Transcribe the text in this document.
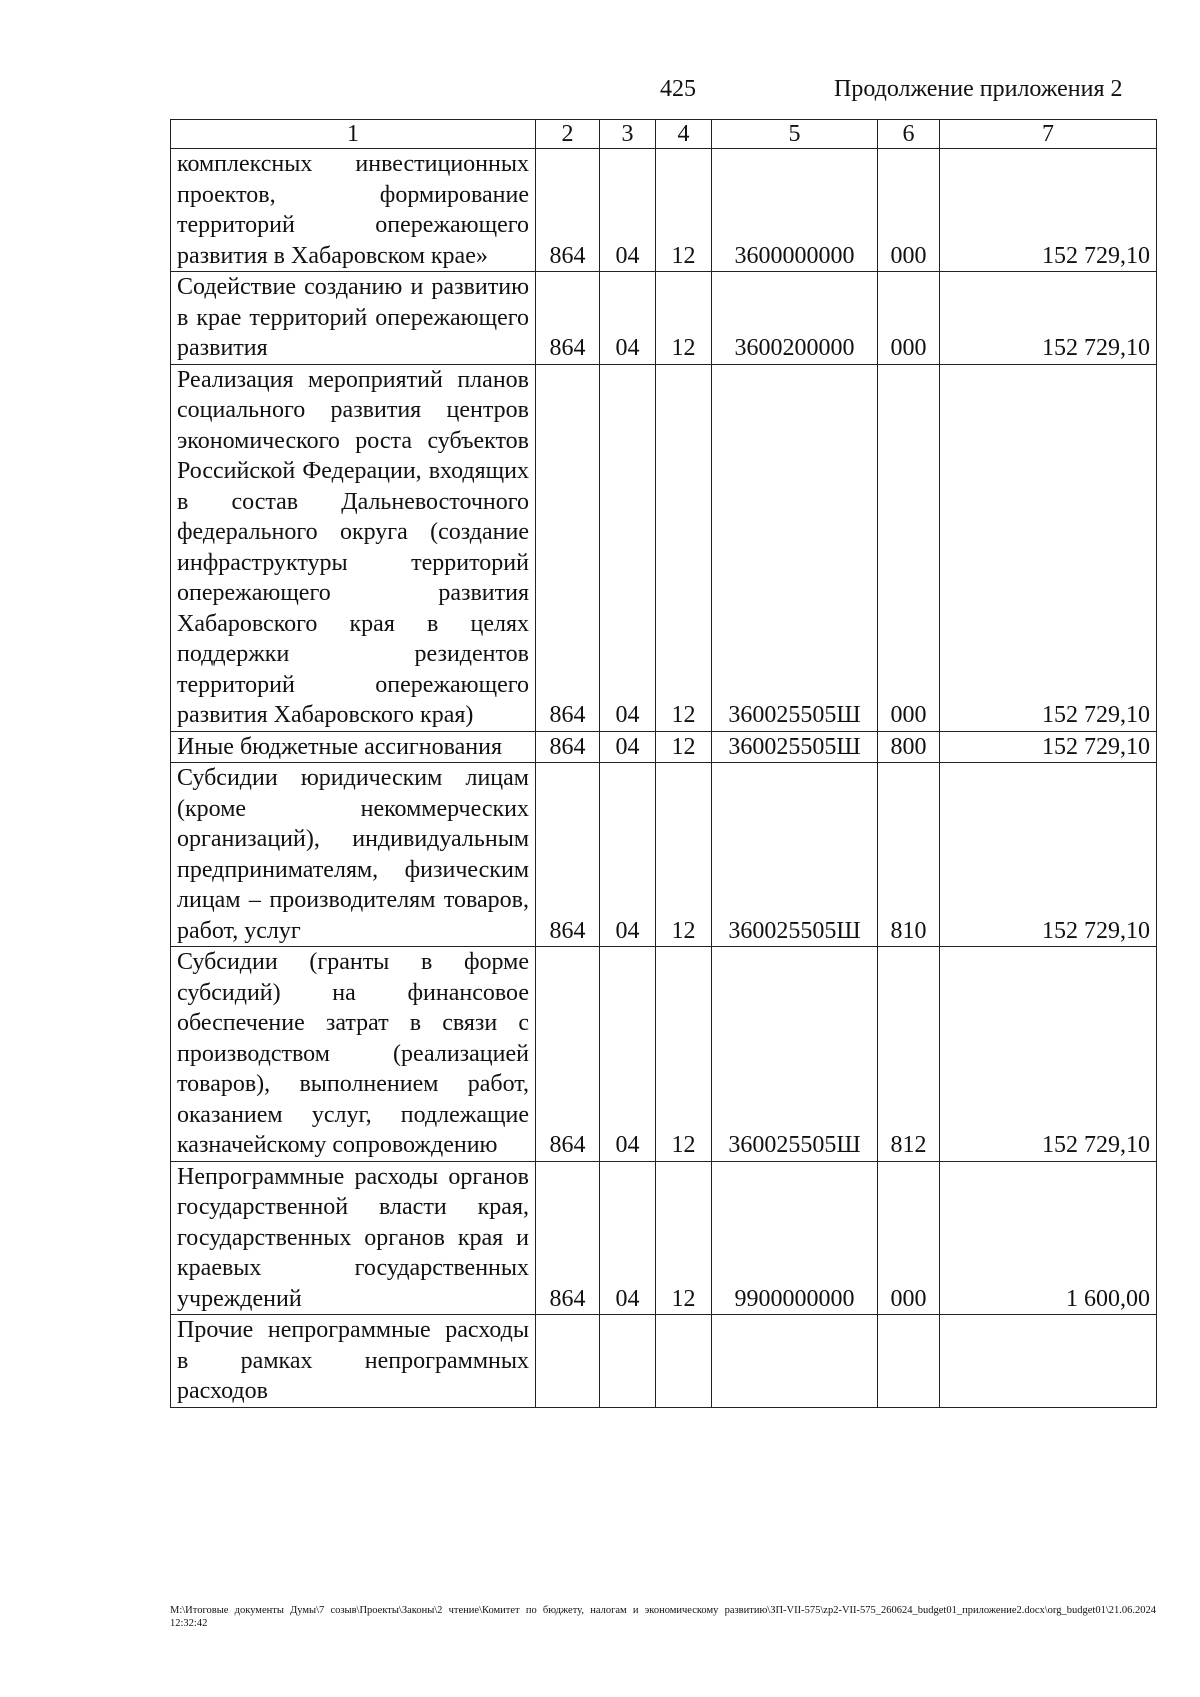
425	Продолжение приложения 2
1	2	3	4	5	6	7
комплексных инвестиционных проектов, формирование территорий опережающего развития в Хабаровском крае»	864	04	12	3600000000	000	152 729,10
Содействие созданию и развитию в крае территорий опережающего развития	864	04	12	3600200000	000	152 729,10
Реализация мероприятий планов социального развития центров экономического роста субъектов Российской Федерации, входящих в состав Дальневосточного федерального округа (создание инфраструктуры территорий опережающего развития Хабаровского края в целях поддержки резидентов территорий опережающего развития Хабаровского края)	864	04	12	360025505Ш	000	152 729,10
Иные бюджетные ассигнования	864	04	12	360025505Ш	800	152 729,10
Субсидии юридическим лицам (кроме некоммерческих организаций), индивидуальным предпринимателям, физическим лицам – производителям товаров, работ, услуг	864	04	12	360025505Ш	810	152 729,10
Субсидии (гранты в форме субсидий) на финансовое обеспечение затрат в связи с производством (реализацией товаров), выполнением работ, оказанием услуг, подлежащие казначейскому сопровождению	864	04	12	360025505Ш	812	152 729,10
Непрограммные расходы органов государственной власти края, государственных органов края и краевых государственных учреждений	864	04	12	9900000000	000	1 600,00
Прочие непрограммные расходы в рамках непрограммных расходов						
М:\Итоговые документы Думы\7 созыв\Проекты\Законы\2 чтение\Комитет по бюджету, налогам и экономическому развитию\ЗП-VII-575\zp2-VII-575_260624_budget01_приложение2.docx\org_budget01\21.06.2024 12:32:42
